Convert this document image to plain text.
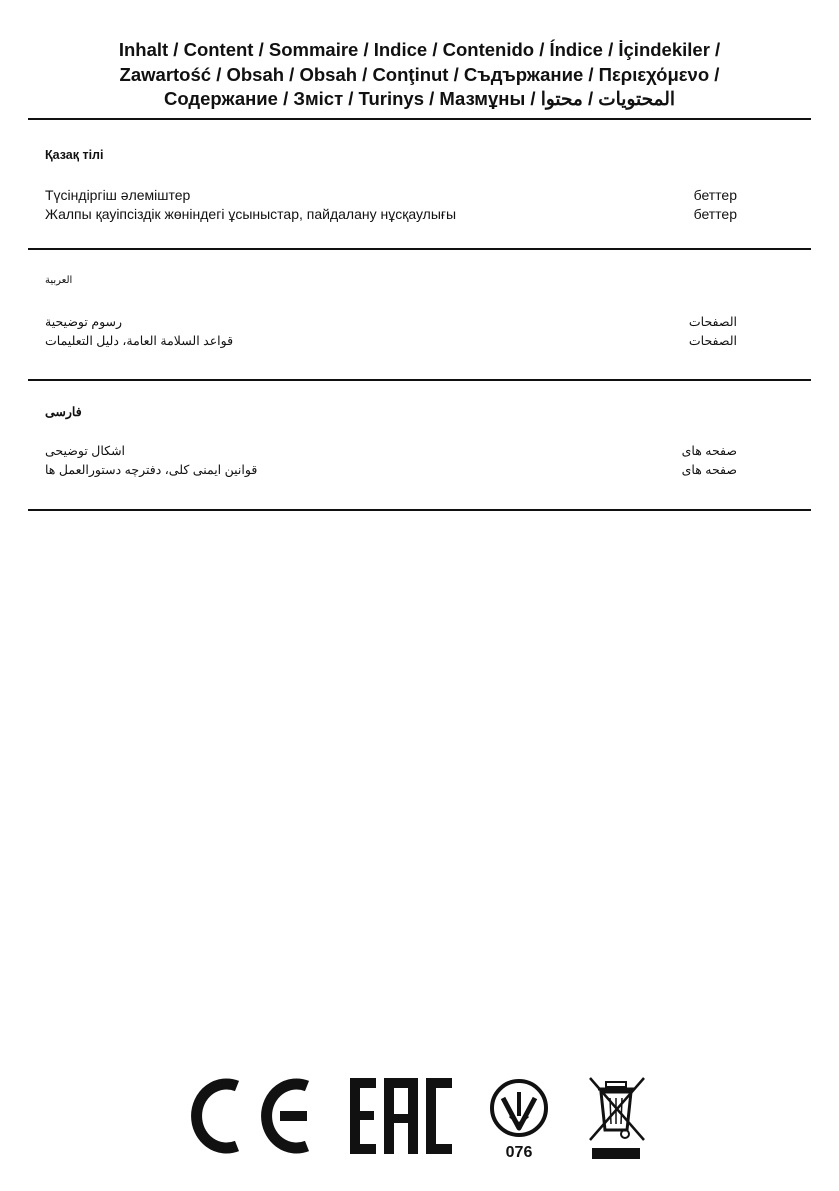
Inhalt / Content / Sommaire / Indice / Contenido / Índice / İçindekiler /
Zawartość / Obsah / Obsah / Conţinut / Съдържание / Περιεχόμενο /
Содержание / Зміст / Turinys / Мазмұны / المحتويات / محتوا
Қазақ тілі
Түсіндіргіш әлеміштер	беттер
Жалпы қауіпсіздік жөніндегі ұсыныстар, пайдалану нұсқаулығы	беттер
العربية
رسوم توضيحية	الصفحات
قواعد السلامة العامة، دليل التعليمات	الصفحات
فارسی
اشکال توضیحی	صفحه های
قوانین ایمنی کلی، دفترچه دستورالعمل ها	صفحه های
076
